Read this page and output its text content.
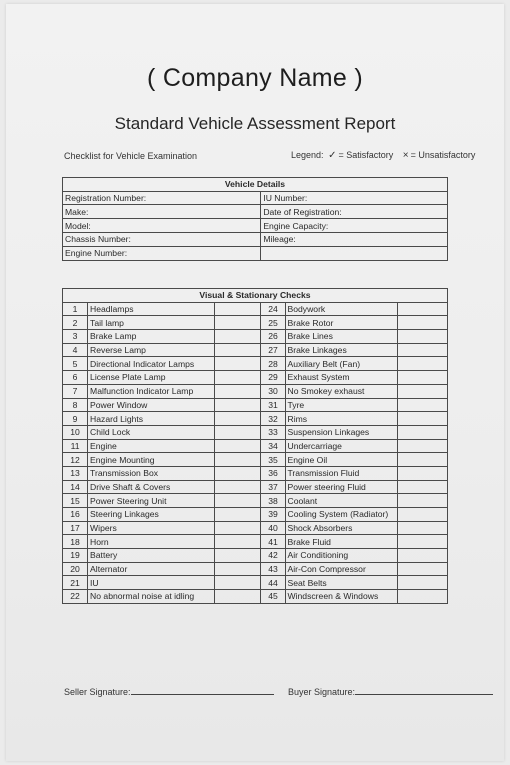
( Company Name )
Standard Vehicle Assessment Report
Checklist for Vehicle Examination	Legend: ✓ = Satisfactory × = Unsatisfactory
Vehicle Details	
Registration Number:	IU Number:
Make:	Date of Registration:
Model:	Engine Capacity:
Chassis Number:	Mileage:
Engine Number:	
Visual & Stationary Checks					
1	Headlamps		24	Bodywork	
2	Tail lamp		25	Brake Rotor	
3	Brake Lamp		26	Brake Lines	
4	Reverse Lamp		27	Brake Linkages	
5	Directional Indicator Lamps		28	Auxiliary Belt (Fan)	
6	License Plate Lamp		29	Exhaust System	
7	Malfunction Indicator Lamp		30	No Smokey exhaust	
8	Power Window		31	Tyre	
9	Hazard Lights		32	Rims	
10	Child Lock		33	Suspension Linkages	
11	Engine		34	Undercarriage	
12	Engine Mounting		35	Engine Oil	
13	Transmission Box		36	Transmission Fluid	
14	Drive Shaft & Covers		37	Power steering Fluid	
15	Power Steering Unit		38	Coolant	
16	Steering Linkages		39	Cooling System (Radiator)	
17	Wipers		40	Shock Absorbers	
18	Horn		41	Brake Fluid	
19	Battery		42	Air Conditioning	
20	Alternator		43	Air-Con Compressor	
21	IU		44	Seat Belts	
22	No abnormal noise at idling		45	Windscreen & Windows	
Seller Signature:	Buyer Signature:
